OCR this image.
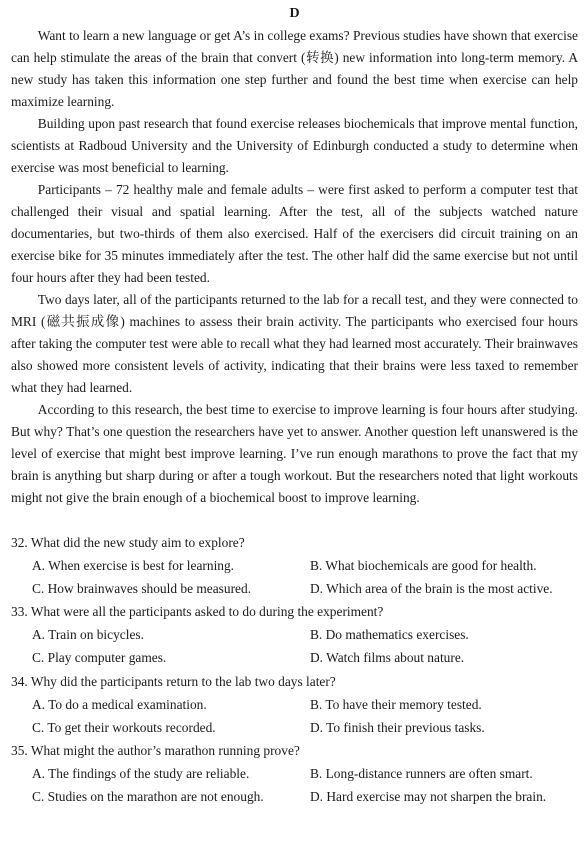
D

Want to learn a new language or get A’s in college exams? Previous studies have shown that exercise can help stimulate the areas of the brain that convert (转换) new information into long-term memory. A new study has taken this information one step further and found the best time when exercise can help maximize learning.

Building upon past research that found exercise releases biochemicals that improve mental function, scientists at Radboud University and the University of Edinburgh conducted a study to determine when exercise was most beneficial to learning.

Participants – 72 healthy male and female adults – were first asked to perform a computer test that challenged their visual and spatial learning. After the test, all of the subjects watched nature documentaries, but two-thirds of them also exercised. Half of the exercisers did circuit training on an exercise bike for 35 minutes immediately after the test. The other half did the same exercise but not until four hours after they had been tested.

Two days later, all of the participants returned to the lab for a recall test, and they were connected to MRI (磁共振成像) machines to assess their brain activity. The participants who exercised four hours after taking the computer test were able to recall what they had learned most accurately. Their brainwaves also showed more consistent levels of activity, indicating that their brains were less taxed to remember what they had learned.

According to this research, the best time to exercise to improve learning is four hours after studying. But why? That’s one question the researchers have yet to answer. Another question left unanswered is the level of exercise that might best improve learning. I’ve run enough marathons to prove the fact that my brain is anything but sharp during or after a tough workout. But the researchers noted that light workouts might not give the brain enough of a biochemical boost to improve learning.

32. What did the new study aim to explore?
A. When exercise is best for learning.	B. What biochemicals are good for health.
C. How brainwaves should be measured.	D. Which area of the brain is the most active.
33. What were all the participants asked to do during the experiment?
A. Train on bicycles.	B. Do mathematics exercises.
C. Play computer games.	D. Watch films about nature.
34. Why did the participants return to the lab two days later?
A. To do a medical examination.	B. To have their memory tested.
C. To get their workouts recorded.	D. To finish their previous tasks.
35. What might the author’s marathon running prove?
A. The findings of the study are reliable.	B. Long-distance runners are often smart.
C. Studies on the marathon are not enough.	D. Hard exercise may not sharpen the brain.
